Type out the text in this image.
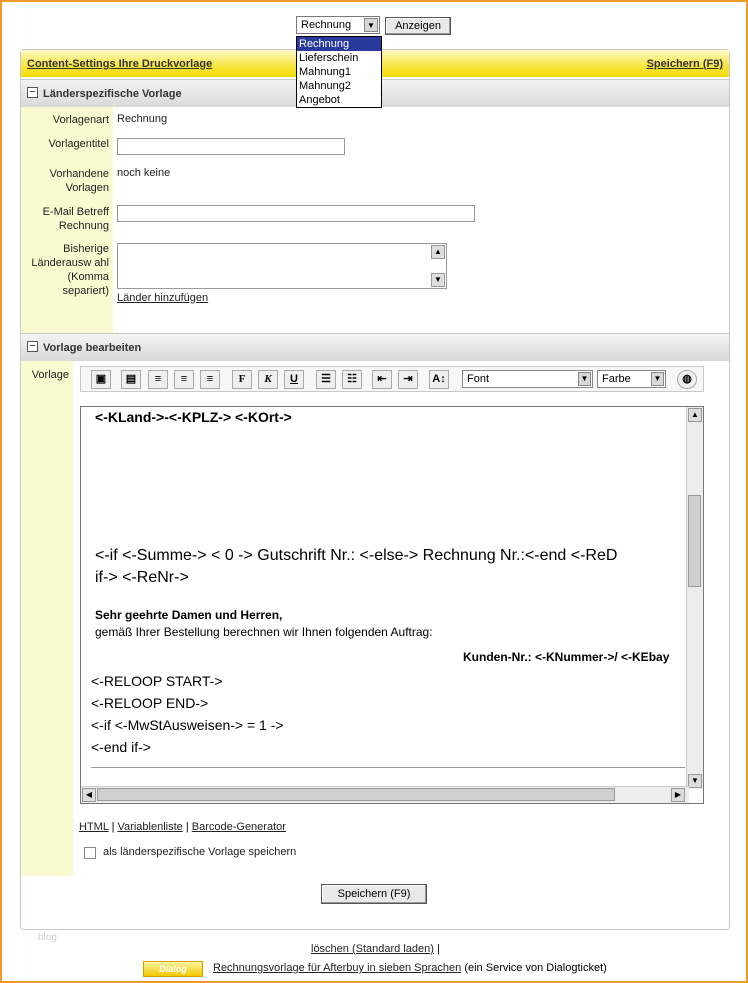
Rechnung	▼	Anzeigen
Rechnung
Lieferschein
Mahnung1
Mahnung2
Angebot
Content-Settings Ihre Druckvorlage	Speichern (F9)
– Länderspezifische Vorlage
Vorlagenart Rechnung
Vorlagentitel
Vorhandene
Vorlagen
noch keine
E-Mail Betreff
Rechnung
Bisherige
Länderausw ahl
(Komma
separiert)
▲
▼
Länder hinzufügen
– Vorlage bearbeiten
Vorlage	▣	▤	≡	≡	≡	F	K	U	☰	☷	⇤	⇥	A↕ Font	▼ Farbe	▼	◍
<-KLand->-<-KPLZ-> <-KOrt->
<-if <-Summe-> < 0 -> Gutschrift Nr.: <-else-> Rechnung Nr.:<-end <-ReD
if-> <-ReNr->
Sehr geehrte Damen und Herren,
gemäß Ihrer Bestellung berechnen wir Ihnen folgenden Auftrag:
Kunden-Nr.: <-KNummer->/ <-KEbay
<-RELOOP START->
<-RELOOP END->
<-if <-MwStAusweisen-> = 1 ->
<-end if->
▲
▼
◀	▶
HTML | Variablenliste | Barcode-Generator
als länderspezifische Vorlage speichern
Speichern (F9)
blog
löschen (Standard laden) |
Dialog	Rechnungsvorlage für Afterbuy in sieben Sprachen (ein Service von Dialogticket)
